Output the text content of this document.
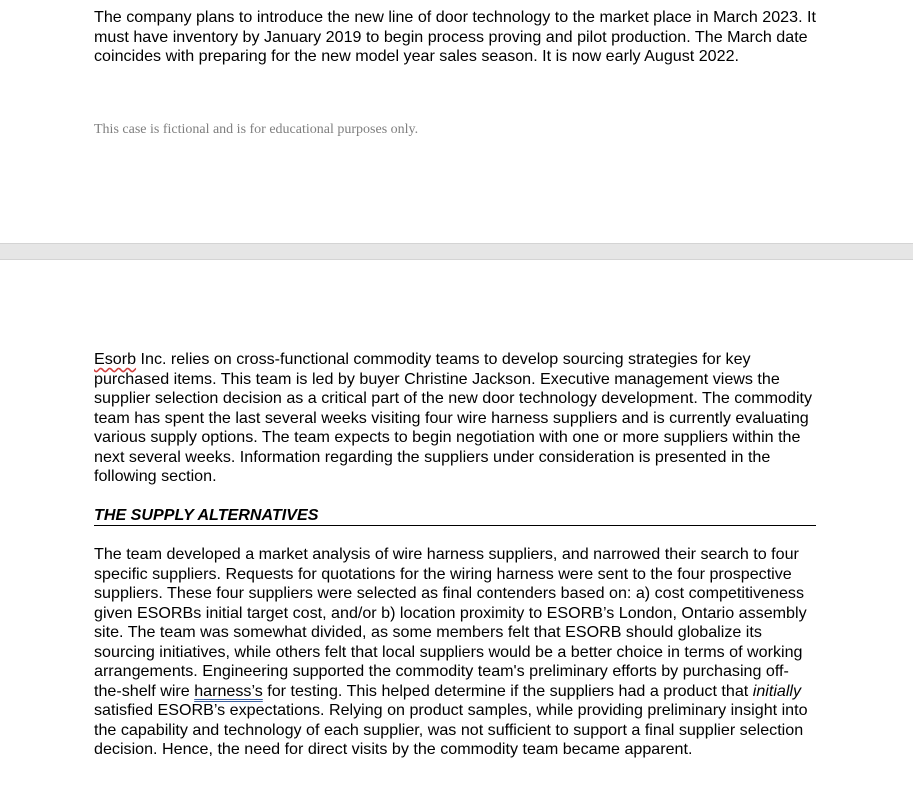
The company plans to introduce the new line of door technology to the market place in March 2023. It must have inventory by January 2019 to begin process proving and pilot production. The March date coincides with preparing for the new model year sales season. It is now early August 2022.

This case is fictional and is for educational purposes only.

Esorb Inc. relies on cross-functional commodity teams to develop sourcing strategies for key purchased items. This team is led by buyer Christine Jackson. Executive management views the supplier selection decision as a critical part of the new door technology development. The commodity team has spent the last several weeks visiting four wire harness suppliers and is currently evaluating various supply options. The team expects to begin negotiation with one or more suppliers within the next several weeks. Information regarding the suppliers under consideration is presented in the following section.

THE SUPPLY ALTERNATIVES

The team developed a market analysis of wire harness suppliers, and narrowed their search to four specific suppliers. Requests for quotations for the wiring harness were sent to the four prospective suppliers. These four suppliers were selected as final contenders based on: a) cost competitiveness given ESORBs initial target cost, and/or b) location proximity to ESORB’s London, Ontario assembly site. The team was somewhat divided, as some members felt that ESORB should globalize its sourcing initiatives, while others felt that local suppliers would be a better choice in terms of working arrangements. Engineering supported the commodity team's preliminary efforts by purchasing off-the-shelf wire harness’s for testing. This helped determine if the suppliers had a product that initially satisfied ESORB’s expectations. Relying on product samples, while providing preliminary insight into the capability and technology of each supplier, was not sufficient to support a final supplier selection decision. Hence, the need for direct visits by the commodity team became apparent.
